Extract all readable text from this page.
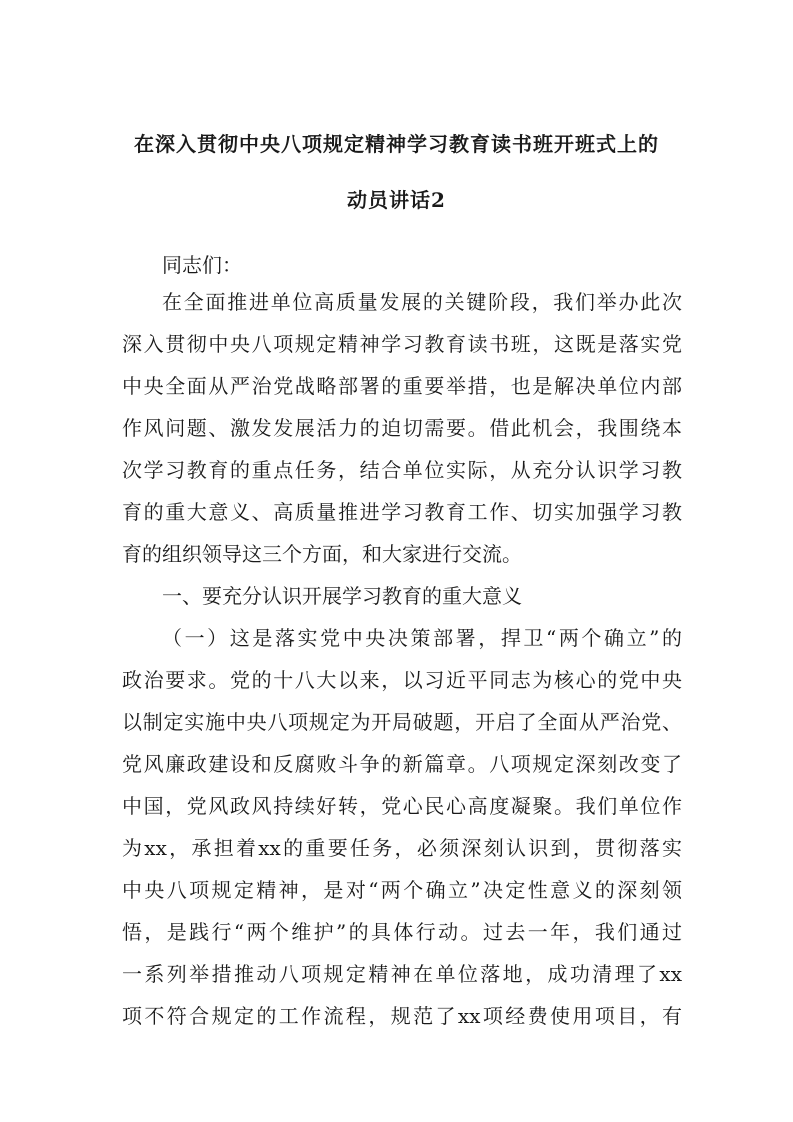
在深入贯彻中央八项规定精神学习教育读书班开班式上的
动员讲话2
同志们：
在全面推进单位高质量发展的关键阶段，我们举办此次
深入贯彻中央八项规定精神学习教育读书班，这既是落实党
中央全面从严治党战略部署的重要举措，也是解决单位内部
作风问题、激发发展活力的迫切需要。借此机会，我围绕本
次学习教育的重点任务，结合单位实际，从充分认识学习教
育的重大意义、高质量推进学习教育工作、切实加强学习教
育的组织领导这三个方面，和大家进行交流。
一、要充分认识开展学习教育的重大意义
（一）这是落实党中央决策部署，捍卫“两个确立”的
政治要求。党的十八大以来，以习近平同志为核心的党中央
以制定实施中央八项规定为开局破题，开启了全面从严治党、
党风廉政建设和反腐败斗争的新篇章。八项规定深刻改变了
中国，党风政风持续好转，党心民心高度凝聚。我们单位作
为xx，承担着xx的重要任务，必须深刻认识到，贯彻落实
中央八项规定精神，是对“两个确立”决定性意义的深刻领
悟，是践行“两个维护”的具体行动。过去一年，我们通过
一系列举措推动八项规定精神在单位落地，成功清理了xx
项不符合规定的工作流程，规范了xx项经费使用项目，有
